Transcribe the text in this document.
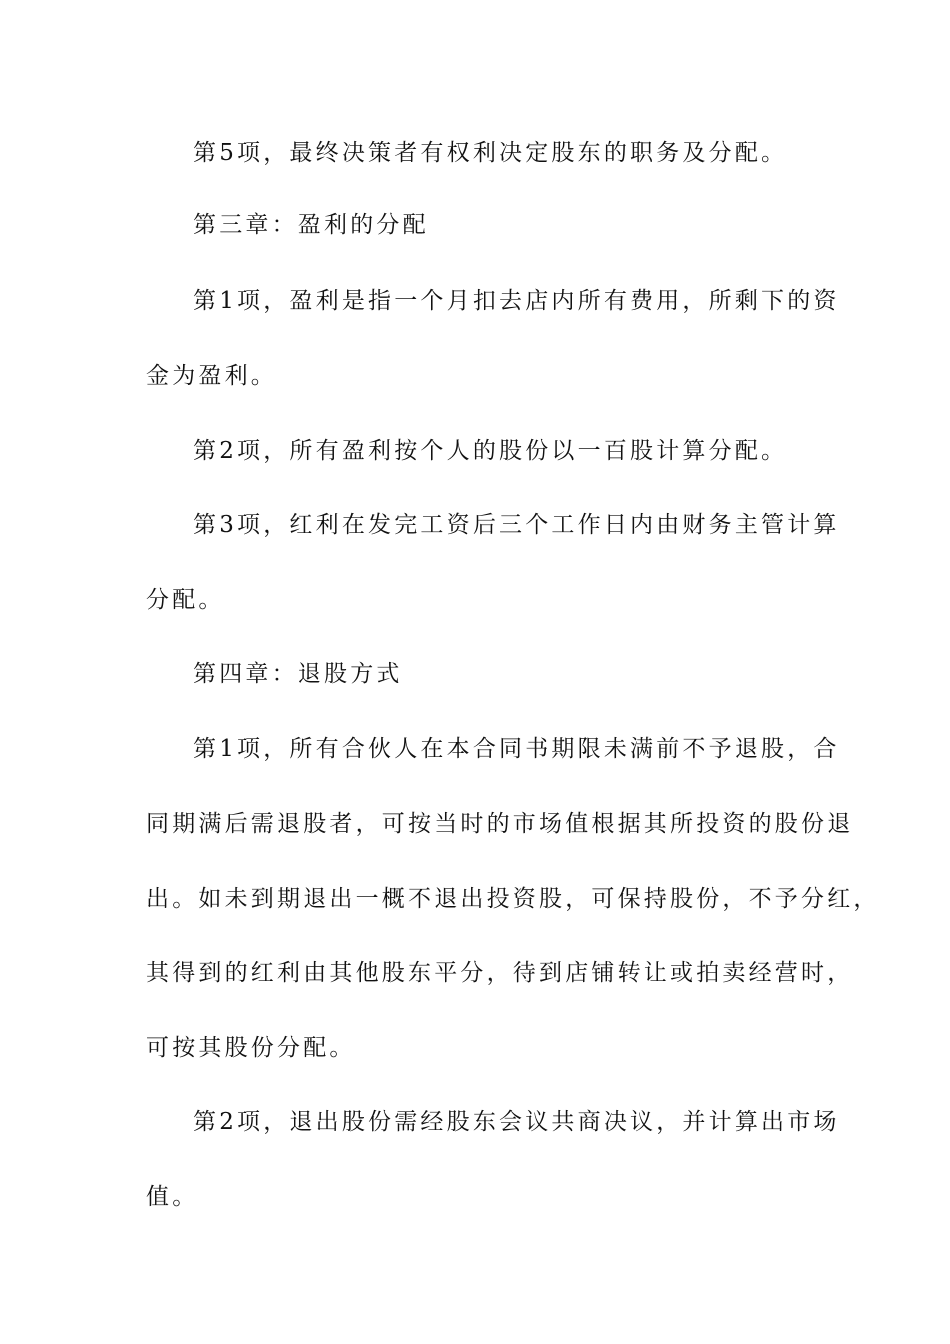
第5项，最终决策者有权利决定股东的职务及分配。
第三章：盈利的分配
第1项，盈利是指一个月扣去店内所有费用，所剩下的资
金为盈利。
第2项，所有盈利按个人的股份以一百股计算分配。
第3项，红利在发完工资后三个工作日内由财务主管计算
分配。
第四章：退股方式
第1项，所有合伙人在本合同书期限未满前不予退股，合
同期满后需退股者，可按当时的市场值根据其所投资的股份退
出。如未到期退出一概不退出投资股，可保持股份，不予分红，
其得到的红利由其他股东平分，待到店铺转让或拍卖经营时，
可按其股份分配。
第2项，退出股份需经股东会议共商决议，并计算出市场
值。
